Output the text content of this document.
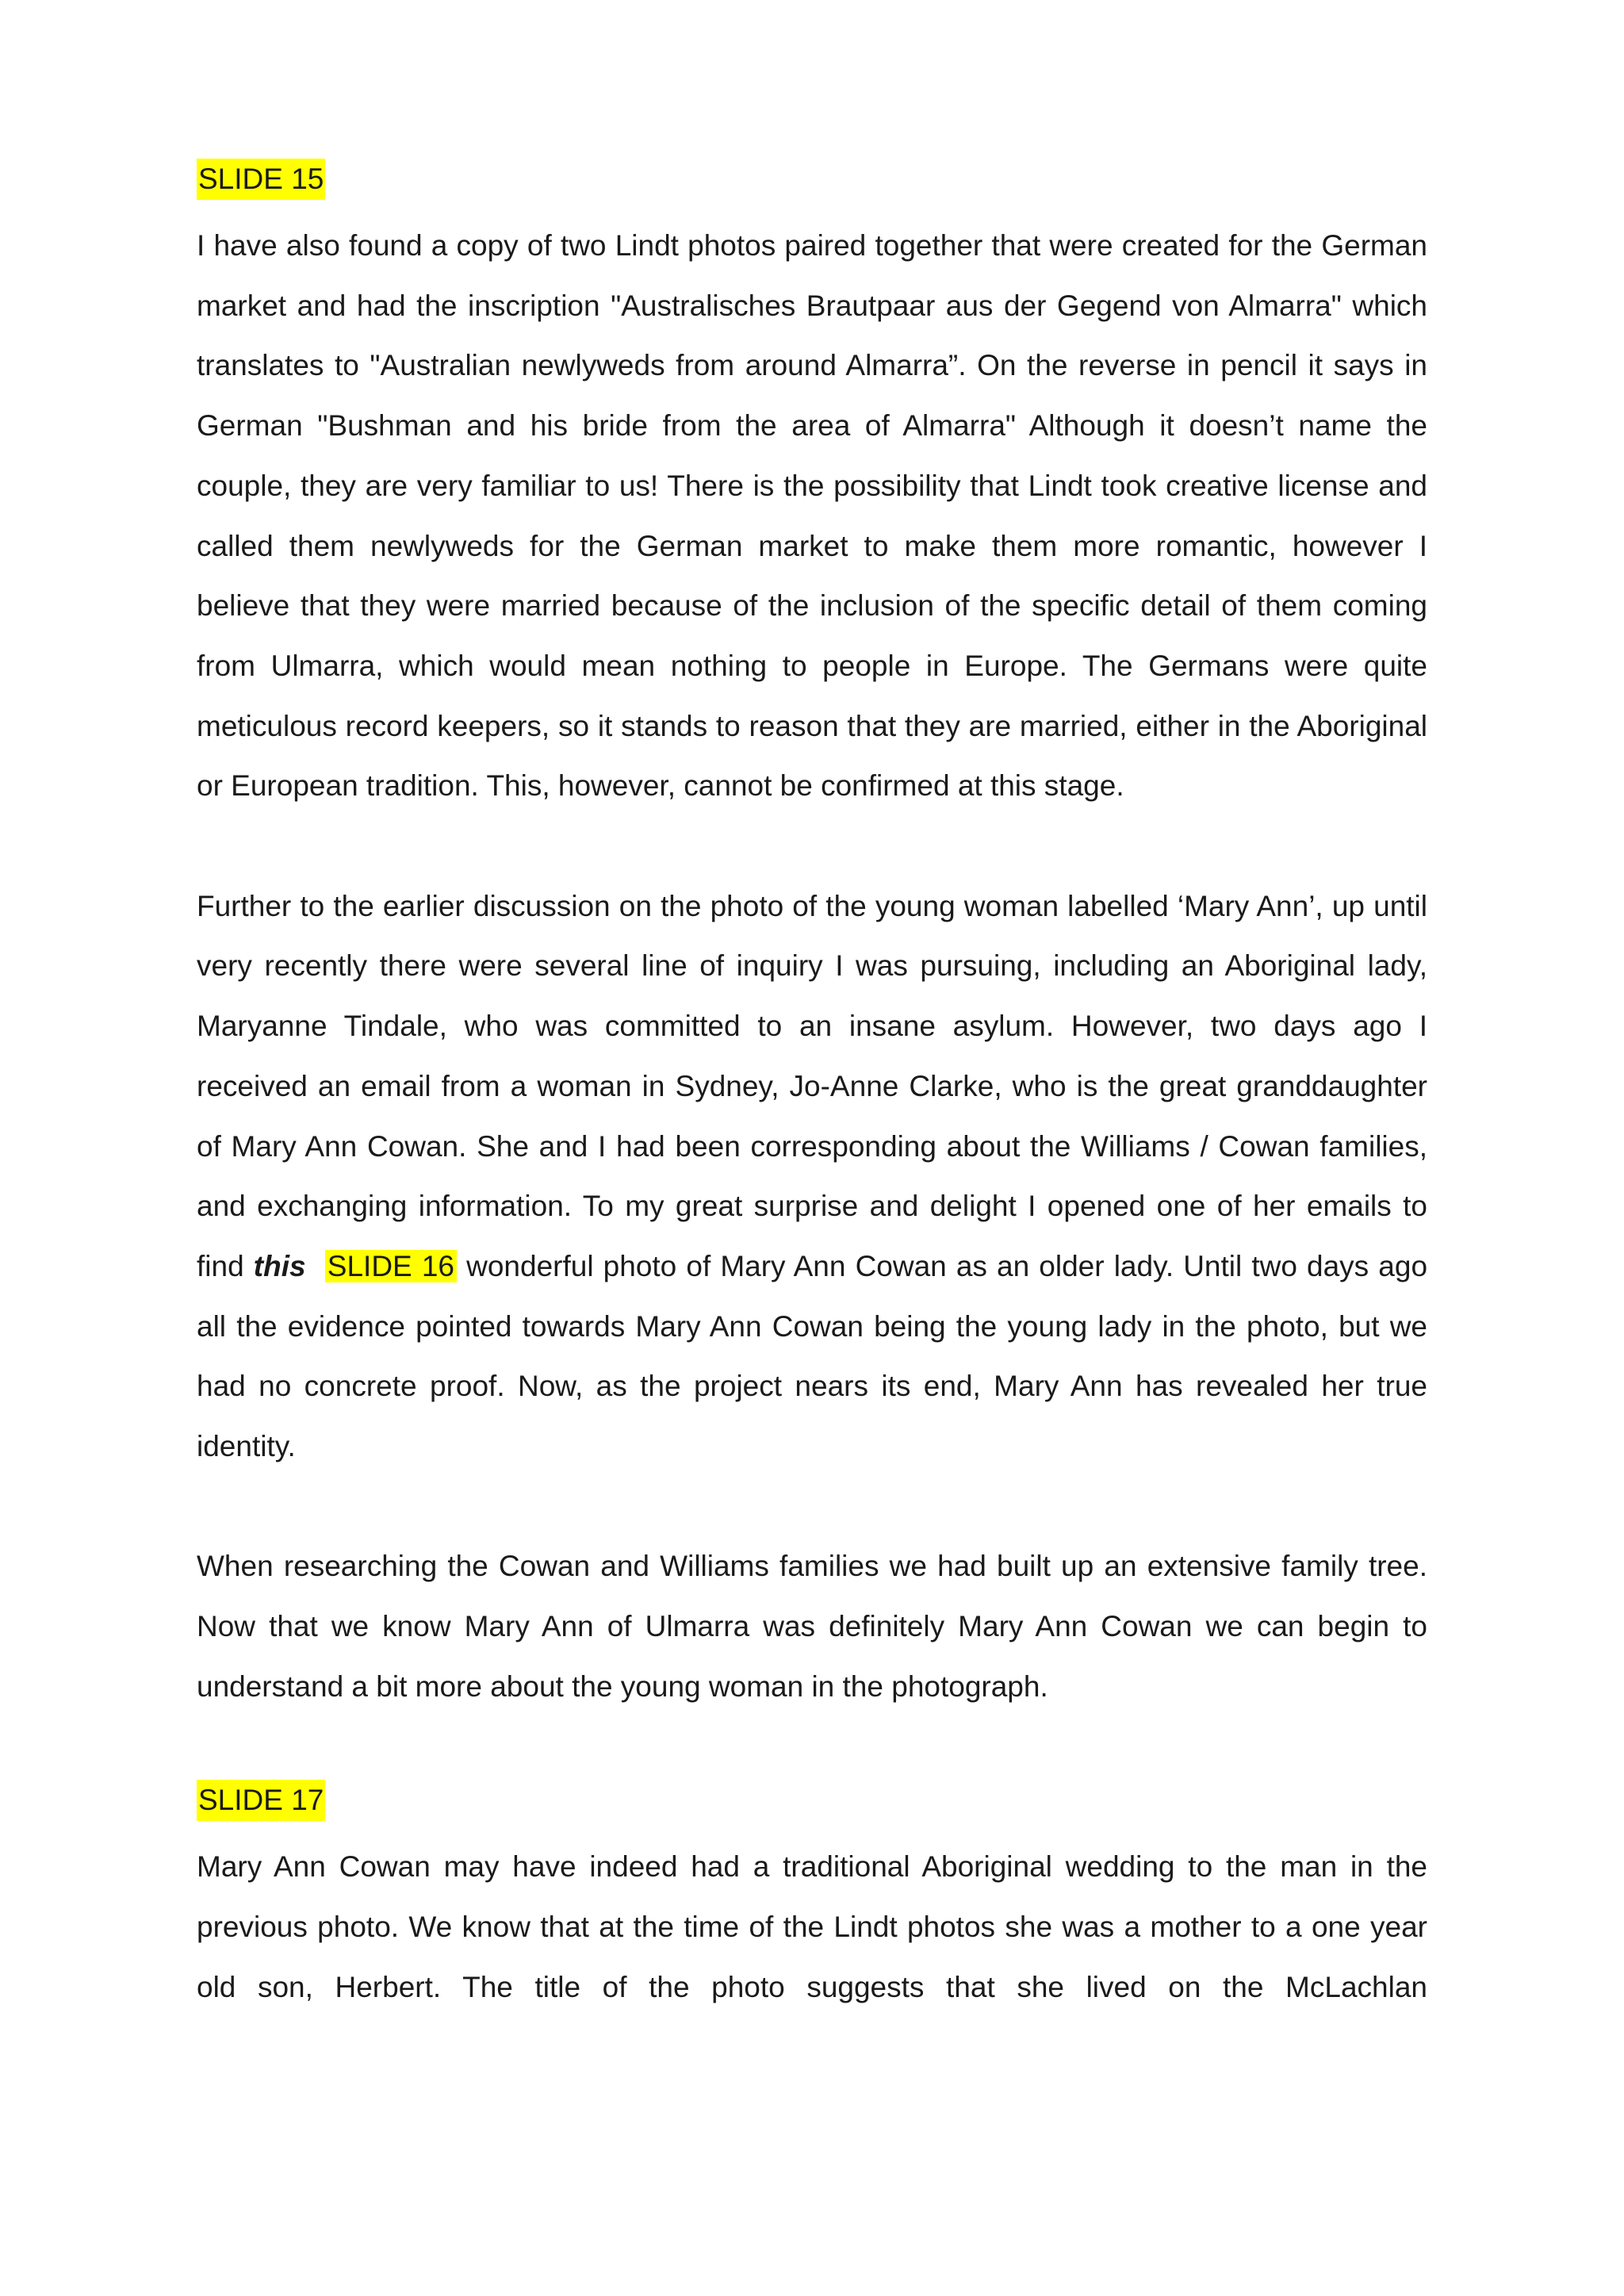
SLIDE 15

I have also found a copy of two Lindt photos paired together that were created for the German market and had the inscription "Australisches Brautpaar aus der Gegend von Almarra" which translates to "Australian newlyweds from around Almarra”. On the reverse in pencil it says in German "Bushman and his bride from the area of Almarra" Although it doesn’t name the couple, they are very familiar to us! There is the possibility that Lindt took creative license and called them newlyweds for the German market to make them more romantic, however I believe that they were married because of the inclusion of the specific detail of them coming from Ulmarra, which would mean nothing to people in Europe. The Germans were quite meticulous record keepers, so it stands to reason that they are married, either in the Aboriginal or European tradition. This, however, cannot be confirmed at this stage.

Further to the earlier discussion on the photo of the young woman labelled ‘Mary Ann’, up until very recently there were several line of inquiry I was pursuing, including an Aboriginal lady, Maryanne Tindale, who was committed to an insane asylum. However, two days ago I received an email from a woman in Sydney, Jo-Anne Clarke, who is the great granddaughter of Mary Ann Cowan. She and I had been corresponding about the Williams / Cowan families, and exchanging information. To my great surprise and delight I opened one of her emails to find this SLIDE 16 wonderful photo of Mary Ann Cowan as an older lady. Until two days ago all the evidence pointed towards Mary Ann Cowan being the young lady in the photo, but we had no concrete proof. Now, as the project nears its end, Mary Ann has revealed her true identity.

When researching the Cowan and Williams families we had built up an extensive family tree. Now that we know Mary Ann of Ulmarra was definitely Mary Ann Cowan we can begin to understand a bit more about the young woman in the photograph.

SLIDE 17

Mary Ann Cowan may have indeed had a traditional Aboriginal wedding to the man in the previous photo. We know that at the time of the Lindt photos she was a mother to a one year old son, Herbert. The title of the photo suggests that she lived on the McLachlan
